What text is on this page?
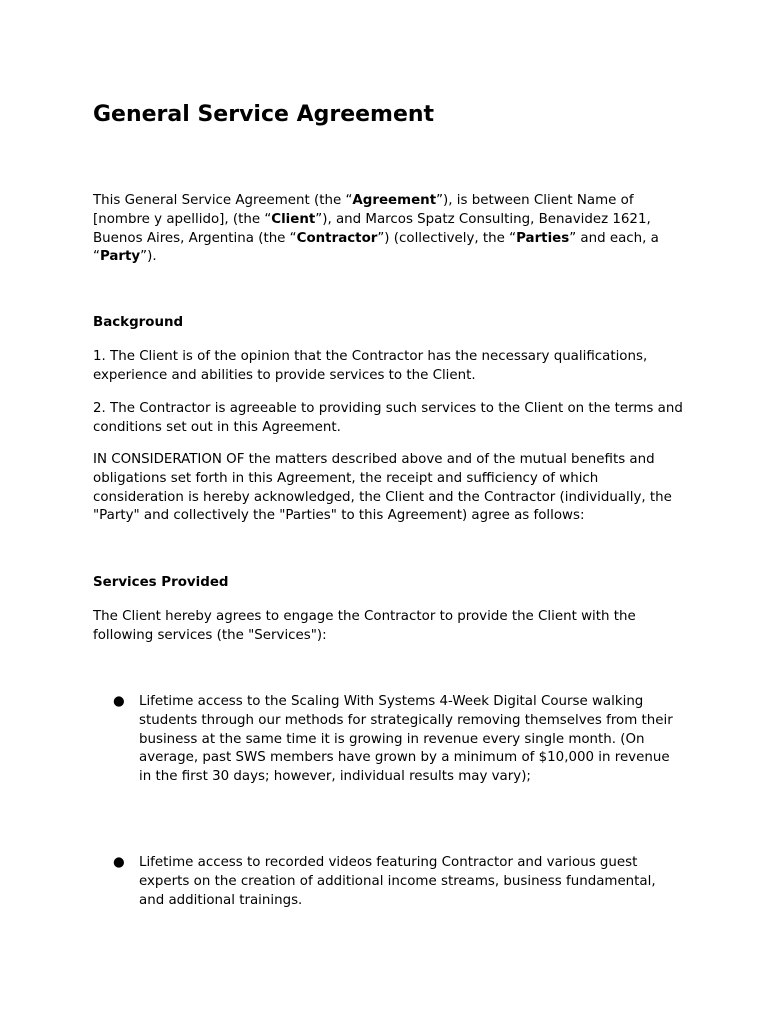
General Service Agreement

This General Service Agreement (the “Agreement”), is between Client Name of [nombre y apellido], (the “Client”), and Marcos Spatz Consulting, Benavidez 1621, Buenos Aires, Argentina (the “Contractor”) (collectively, the “Parties” and each, a “Party”).

Background

1. The Client is of the opinion that the Contractor has the necessary qualifications, experience and abilities to provide services to the Client.

2. The Contractor is agreeable to providing such services to the Client on the terms and conditions set out in this Agreement.

IN CONSIDERATION OF the matters described above and of the mutual benefits and obligations set forth in this Agreement, the receipt and sufficiency of which consideration is hereby acknowledged, the Client and the Contractor (individually, the "Party" and collectively the "Parties" to this Agreement) agree as follows:

Services Provided

The Client hereby agrees to engage the Contractor to provide the Client with the following services (the "Services"):

● Lifetime access to the Scaling With Systems 4-Week Digital Course walking students through our methods for strategically removing themselves from their business at the same time it is growing in revenue every single month. (On average, past SWS members have grown by a minimum of $10,000 in revenue in the first 30 days; however, individual results may vary);
● Lifetime access to recorded videos featuring Contractor and various guest experts on the creation of additional income streams, business fundamental, and additional trainings.
